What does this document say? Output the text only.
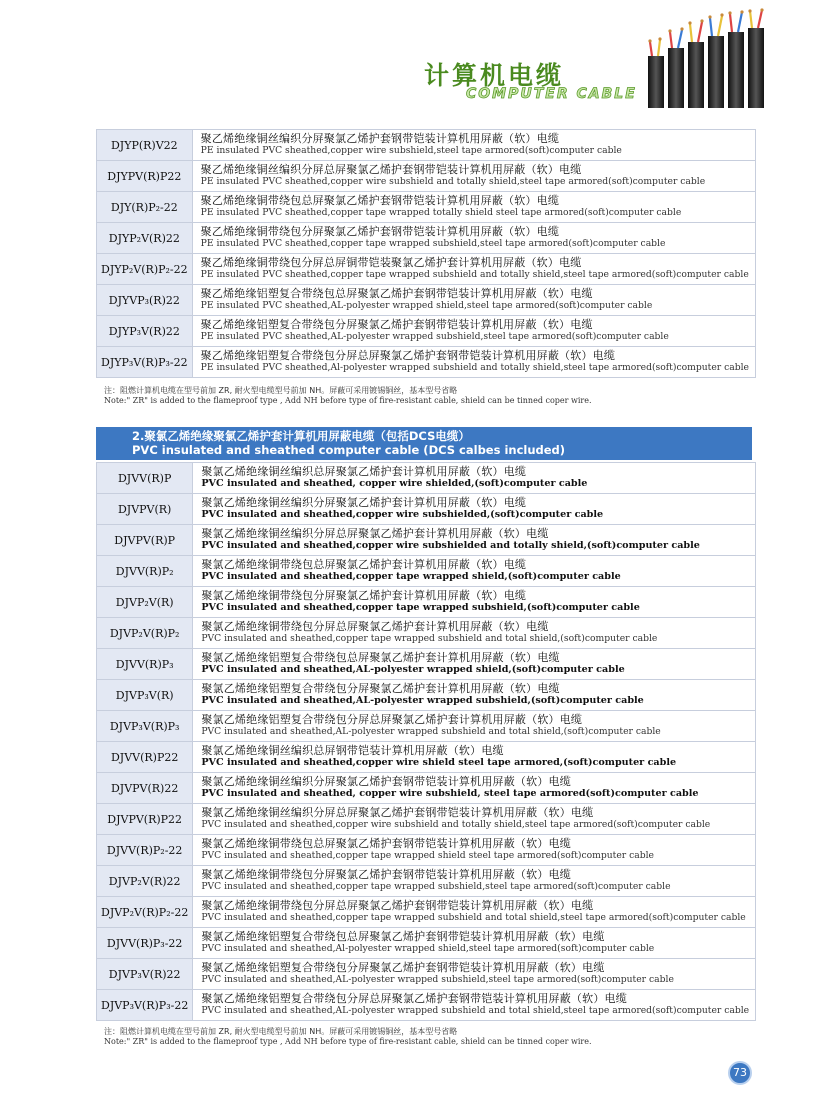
计算机电缆
COMPUTER CABLE
DJYP(R)V22	聚乙烯绝缘铜丝编织分屏聚氯乙烯护套钢带铠装计算机用屏蔽（软）电缆
PE insulated PVC sheathed,copper wire subshield,steel tape armored(soft)computer cable

DJYPV(R)P22	聚乙烯绝缘铜丝编织分屏总屏聚氯乙烯护套钢带铠装计算机用屏蔽（软）电缆
PE insulated PVC sheathed,copper wire subshield and totally shield,steel tape armored(soft)computer cable

DJY(R)P₂-22	聚乙烯绝缘铜带绕包总屏聚氯乙烯护套钢带铠装计算机用屏蔽（软）电缆
PE insulated PVC sheathed,copper tape wrapped totally shield steel tape armored(soft)computer cable

DJYP₂V(R)22	聚乙烯绝缘铜带绕包分屏聚氯乙烯护套钢带铠装计算机用屏蔽（软）电缆
PE insulated PVC sheathed,copper tape wrapped subshield,steel tape armored(soft)computer cable

DJYP₂V(R)P₂-22	聚乙烯绝缘铜带绕包分屏总屏铜带铠装聚氯乙烯护套计算机用屏蔽（软）电缆
PE insulated PVC sheathed,copper tape wrapped subshield and totally shield,steel tape armored(soft)computer cable

DJYVP₃(R)22	聚乙烯绝缘铝塑复合带绕包总屏聚氯乙烯护套钢带铠装计算机用屏蔽（软）电缆
PE insulated PVC sheathed,AL-polyester wrapped shield,steel tape armored(soft)computer cable

DJYP₃V(R)22	聚乙烯绝缘铝塑复合带绕包分屏聚氯乙烯护套钢带铠装计算机用屏蔽（软）电缆
PE insulated PVC sheathed,AL-polyester wrapped subshield,steel tape armored(soft)computer cable

DJYP₃V(R)P₃-22	聚乙烯绝缘铝塑复合带绕包分屏总屏聚氯乙烯护套钢带铠装计算机用屏蔽（软）电缆
PE insulated PVC sheathed,Al-polyester wrapped subshield and totally shield,steel tape armored(soft)computer cable
注：阻燃计算机电缆在型号前加 ZR, 耐火型电缆型号前加 NH。屏蔽可采用镀锡铜丝，基本型号省略
Note:" ZR" is added to the flameproof type , Add NH before type of fire-resistant cable, shield can be tinned coper wire.
2.聚氯乙烯绝缘聚氯乙烯护套计算机用屏蔽电缆（包括DCS电缆）
PVC insulated and sheathed computer cable (DCS calbes included)
DJVV(R)P	聚氯乙烯绝缘铜丝编织总屏聚氯乙烯护套计算机用屏蔽（软）电缆
PVC insulated and sheathed, copper wire shielded,(soft)computer cable

DJVPV(R)	聚氯乙烯绝缘铜丝编织分屏聚氯乙烯护套计算机用屏蔽（软）电缆
PVC insulated and sheathed,copper wire subshielded,(soft)computer cable

DJVPV(R)P	聚氯乙烯绝缘铜丝编织分屏总屏聚氯乙烯护套计算机用屏蔽（软）电缆
PVC insulated and sheathed,copper wire subshielded and totally shield,(soft)computer cable

DJVV(R)P₂	聚氯乙烯绝缘铜带绕包总屏聚氯乙烯护套计算机用屏蔽（软）电缆
PVC insulated and sheathed,copper tape wrapped shield,(soft)computer cable

DJVP₂V(R)	聚氯乙烯绝缘铜带绕包分屏聚氯乙烯护套计算机用屏蔽（软）电缆
PVC insulated and sheathed,copper tape wrapped subshield,(soft)computer cable

DJVP₂V(R)P₂	聚氯乙烯绝缘铜带绕包分屏总屏聚氯乙烯护套计算机用屏蔽（软）电缆
PVC insulated and sheathed,copper tape wrapped subshield and total shield,(soft)computer cable

DJVV(R)P₃	聚氯乙烯绝缘铝塑复合带绕包总屏聚氯乙烯护套计算机用屏蔽（软）电缆
PVC insulated and sheathed,AL-polyester wrapped shield,(soft)computer cable

DJVP₃V(R)	聚氯乙烯绝缘铝塑复合带绕包分屏聚氯乙烯护套计算机用屏蔽（软）电缆
PVC insulated and sheathed,AL-polyester wrapped subshield,(soft)computer cable

DJVP₃V(R)P₃	聚氯乙烯绝缘铝塑复合带绕包分屏总屏聚氯乙烯护套计算机用屏蔽（软）电缆
PVC insulated and sheathed,AL-polyester wrapped subshield and total shield,(soft)computer cable

DJVV(R)P22	聚氯乙烯绝缘铜丝编织总屏钢带铠装计算机用屏蔽（软）电缆
PVC insulated and sheathed,copper wire shield steel tape armored,(soft)computer cable

DJVPV(R)22	聚氯乙烯绝缘铜丝编织分屏聚氯乙烯护套钢带铠装计算机用屏蔽（软）电缆
PVC insulated and sheathed, copper wire subshield, steel tape armored(soft)computer cable

DJVPV(R)P22	聚氯乙烯绝缘铜丝编织分屏总屏聚氯乙烯护套钢带铠装计算机用屏蔽（软）电缆
PVC insulated and sheathed,copper wire subshield and totally shield,steel tape armored(soft)computer cable

DJVV(R)P₂-22	聚氯乙烯绝缘铜带绕包总屏聚氯乙烯护套钢带铠装计算机用屏蔽（软）电缆
PVC insulated and sheathed,copper tape wrapped shield steel tape armored(soft)computer cable

DJVP₂V(R)22	聚氯乙烯绝缘铜带绕包分屏聚氯乙烯护套钢带铠装计算机用屏蔽（软）电缆
PVC insulated and sheathed,copper tape wrapped subshield,steel tape armored(soft)computer cable

DJVP₂V(R)P₂-22	聚氯乙烯绝缘铜带绕包分屏总屏聚氯乙烯护套钢带铠装计算机用屏蔽（软）电缆
PVC insulated and sheathed,copper tape wrapped subshield and total shield,steel tape armored(soft)computer cable

DJVV(R)P₃-22	聚氯乙烯绝缘铝塑复合带绕包总屏聚氯乙烯护套钢带铠装计算机用屏蔽（软）电缆
PVC insulated and sheathed,Al-polyester wrapped shield,steel tape armored(soft)computer cable

DJVP₃V(R)22	聚氯乙烯绝缘铝塑复合带绕包分屏聚氯乙烯护套钢带铠装计算机用屏蔽（软）电缆
PVC insulated and sheathed,AL-polyester wrapped subshield,steel tape armored(soft)computer cable

DJVP₃V(R)P₃-22	聚氯乙烯绝缘铝塑复合带绕包分屏总屏聚氯乙烯护套钢带铠装计算机用屏蔽（软）电缆
PVC insulated and sheathed,AL-polyester wrapped subshield and total shield,steel tape armored(soft)computer cable
注：阻燃计算机电缆在型号前加 ZR, 耐火型电缆型号前加 NH。屏蔽可采用镀锡铜丝，基本型号省略
Note:" ZR" is added to the flameproof type , Add NH before type of fire-resistant cable, shield can be tinned coper wire.
73
